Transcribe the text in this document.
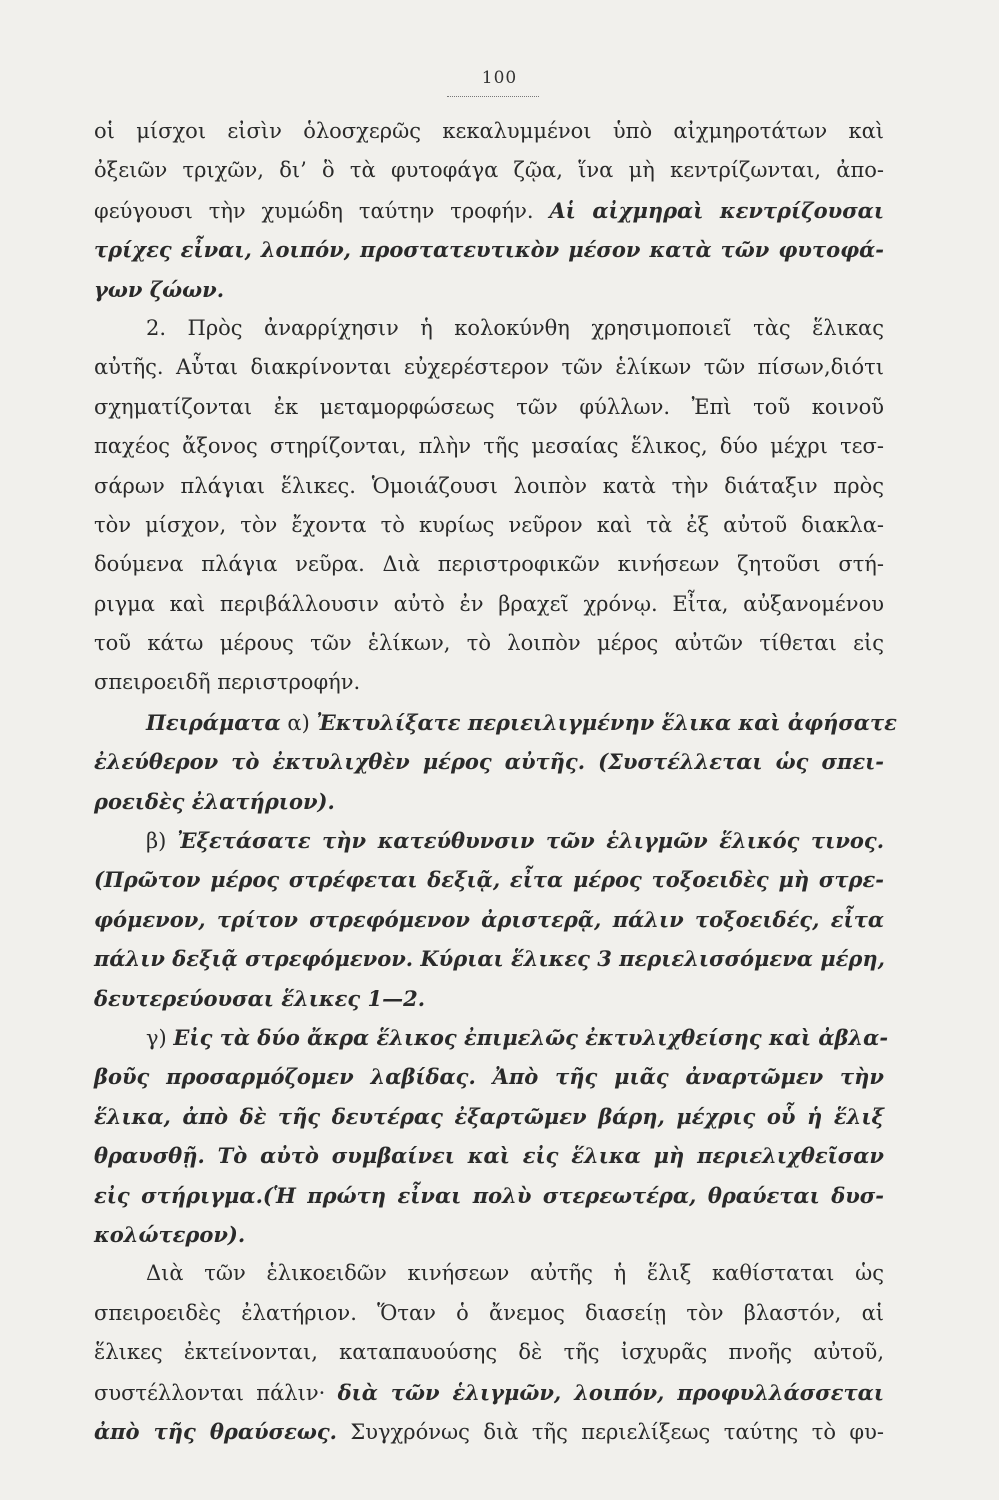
100
οἱ μίσχοι εἰσὶν ὁλοσχερῶς κεκαλυμμένοι ὑπὸ αἰχμηροτάτων καὶ
ὀξειῶν τριχῶν, δι’ ὃ τὰ φυτοφάγα ζῷα, ἵνα μὴ κεντρίζωνται, ἀπο-
φεύγουσι τὴν χυμώδη ταύτην τροφήν. Αἱ αἰχμηραὶ κεντρίζουσαι
τρίχες εἶναι, λοιπόν, προστατευτικὸν μέσον κατὰ τῶν φυτοφά-
γων ζώων.
2. Πρὸς ἀναρρίχησιν ἡ κολοκύνθη χρησιμοποιεῖ τὰς ἕλικας
αὐτῆς. Αὗται διακρίνονται εὐχερέστερον τῶν ἑλίκων τῶν πίσων,διότι
σχηματίζονται ἐκ μεταμορφώσεως τῶν φύλλων. Ἐπὶ τοῦ κοινοῦ
παχέος ἄξονος στηρίζονται, πλὴν τῆς μεσαίας ἕλικος, δύο μέχρι τεσ-
σάρων πλάγιαι ἕλικες. Ὁμοιάζουσι λοιπὸν κατὰ τὴν διάταξιν πρὸς
τὸν μίσχον, τὸν ἔχοντα τὸ κυρίως νεῦρον καὶ τὰ ἐξ αὐτοῦ διακλα-
δούμενα πλάγια νεῦρα. Διὰ περιστροφικῶν κινήσεων ζητοῦσι στή-
ριγμα καὶ περιβάλλουσιν αὐτὸ ἐν βραχεῖ χρόνῳ. Εἶτα, αὐξανομένου
τοῦ κάτω μέρους τῶν ἑλίκων, τὸ λοιπὸν μέρος αὐτῶν τίθεται εἰς
σπειροειδῆ περιστροφήν.
Πειράματα α) Ἐκτυλίξατε περιειλιγμένην ἕλικα καὶ ἀφήσατε
ἐλεύθερον τὸ ἐκτυλιχθὲν μέρος αὐτῆς. (Συστέλλεται ὡς σπει-
ροειδὲς ἐλατήριον).
β) Ἐξετάσατε τὴν κατεύθυνσιν τῶν ἑλιγμῶν ἕλικός τινος.
(Πρῶτον μέρος στρέφεται δεξιᾷ, εἶτα μέρος τοξοειδὲς μὴ στρε-
φόμενον, τρίτον στρεφόμενον ἀριστερᾷ, πάλιν τοξοειδές, εἶτα
πάλιν δεξιᾷ στρεφόμενον. Κύριαι ἕλικες 3 περιελισσόμενα μέρη,
δευτερεύουσαι ἕλικες 1—2.
γ) Εἰς τὰ δύο ἄκρα ἕλικος ἐπιμελῶς ἐκτυλιχθείσης καὶ ἀβλα-
βοῦς προσαρμόζομεν λαβίδας. Ἀπὸ τῆς μιᾶς ἀναρτῶμεν τὴν
ἕλικα, ἀπὸ δὲ τῆς δευτέρας ἐξαρτῶμεν βάρη, μέχρις οὗ ἡ ἕλιξ
θραυσθῇ. Τὸ αὐτὸ συμβαίνει καὶ εἰς ἕλικα μὴ περιελιχθεῖσαν
εἰς στήριγμα.(Ἡ πρώτη εἶναι πολὺ στερεωτέρα, θραύεται δυσ-
κολώτερον).
Διὰ τῶν ἑλικοειδῶν κινήσεων αὐτῆς ἡ ἕλιξ καθίσταται ὡς
σπειροειδὲς ἐλατήριον. Ὅταν ὁ ἄνεμος διασείῃ τὸν βλαστόν, αἱ
ἕλικες ἐκτείνονται, καταπαυούσης δὲ τῆς ἰσχυρᾶς πνοῆς αὐτοῦ,
συστέλλονται πάλιν· διὰ τῶν ἑλιγμῶν, λοιπόν, προφυλλάσσεται
ἀπὸ τῆς θραύσεως. Συγχρόνως διὰ τῆς περιελίξεως ταύτης τὸ φυ-
